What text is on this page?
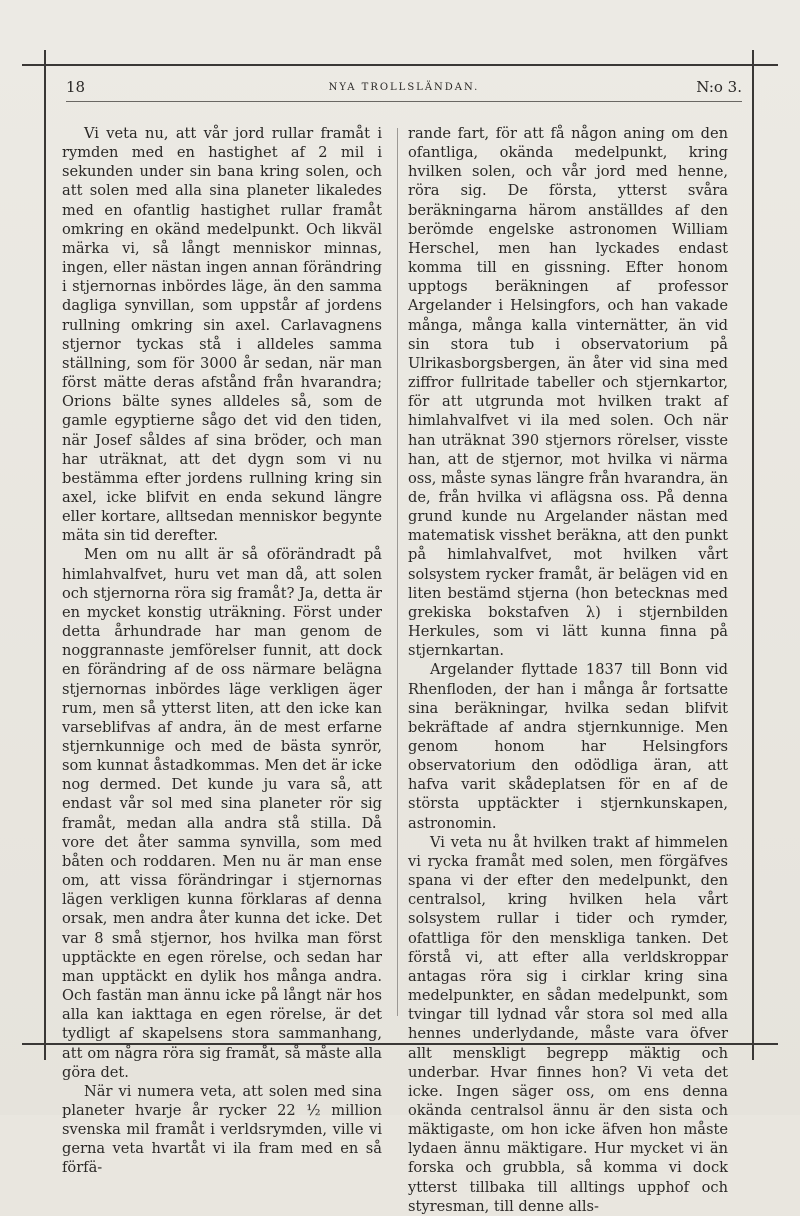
18	NYA TROLLSLÄNDAN.	N:o 3.

Vi veta nu, att vår jord rullar framåt i rymden med en hastighet af 2 mil i sekunden under sin bana kring solen, och att solen med alla sina planeter likaledes med en ofantlig hastighet rullar framåt omkring en okänd medelpunkt. Och likväl märka vi, så långt menniskor minnas, ingen, eller nästan ingen annan förändring i stjernornas inbördes läge, än den samma dagliga synvillan, som uppstår af jordens rullning omkring sin axel. Carlavagnens stjernor tyckas stå i alldeles samma ställning, som för 3000 år sedan, när man först mätte deras afstånd från hvarandra; Orions bälte synes alldeles så, som de gamle egyptierne sågo det vid den tiden, när Josef såldes af sina bröder, och man har uträknat, att det dygn som vi nu bestämma efter jordens rullning kring sin axel, icke blifvit en enda sekund längre eller kortare, alltsedan menniskor begynte mäta sin tid derefter.

Men om nu allt är så oförändradt på himlahvalfvet, huru vet man då, att solen och stjernorna röra sig framåt? Ja, detta är en mycket konstig uträkning. Först under detta århundrade har man genom de noggrannaste jemförelser funnit, att dock en förändring af de oss närmare belägna stjernornas inbördes läge verkligen äger rum, men så ytterst liten, att den icke kan varseblifvas af andra, än de mest erfarne stjernkunnige och med de bästa synrör, som kunnat åstadkommas. Men det är icke nog dermed. Det kunde ju vara så, att endast vår sol med sina planeter rör sig framåt, medan alla andra stå stilla. Då vore det åter samma synvilla, som med båten och roddaren. Men nu är man ense om, att vissa förändringar i stjernornas lägen verkligen kunna förklaras af denna orsak, men andra åter kunna det icke. Det var 8 små stjernor, hos hvilka man först upptäckte en egen rörelse, och sedan har man upptäckt en dylik hos många andra. Och fastän man ännu icke på långt när hos alla kan iakttaga en egen rörelse, är det tydligt af skapelsens stora sammanhang, att om några röra sig framåt, så måste alla göra det.

När vi numera veta, att solen med sina planeter hvarje år rycker 22 ½ million svenska mil framåt i verldsrymden, ville vi gerna veta hvartåt vi ila fram med en så förfä-

rande fart, för att få någon aning om den ofantliga, okända medelpunkt, kring hvilken solen, och vår jord med henne, röra sig. De första, ytterst svåra beräkningarna härom anställdes af den berömde engelske astronomen William Herschel, men han lyckades endast komma till en gissning. Efter honom upptogs beräkningen af professor Argelander i Helsingfors, och han vakade många, många kalla vinternätter, än vid sin stora tub i observatorium på Ulrikasborgsbergen, än åter vid sina med ziffror fullritade tabeller och stjernkartor, för att utgrunda mot hvilken trakt af himlahvalfvet vi ila med solen. Och när han uträknat 390 stjernors rörelser, visste han, att de stjernor, mot hvilka vi närma oss, måste synas längre från hvarandra, än de, från hvilka vi aflägsna oss. På denna grund kunde nu Argelander nästan med matematisk visshet beräkna, att den punkt på himlahvalfvet, mot hvilken vårt solsystem rycker framåt, är belägen vid en liten bestämd stjerna (hon betecknas med grekiska bokstafven λ) i stjernbilden Herkules, som vi lätt kunna finna på stjernkartan.

Argelander flyttade 1837 till Bonn vid Rhenfloden, der han i många år fortsatte sina beräkningar, hvilka sedan blifvit bekräftade af andra stjernkunnige. Men genom honom har Helsingfors observatorium den odödliga äran, att hafva varit skådeplatsen för en af de största upptäckter i stjernkunskapen, astronomin.

Vi veta nu åt hvilken trakt af himmelen vi rycka framåt med solen, men förgäfves spana vi der efter den medelpunkt, den centralsol, kring hvilken hela vårt solsystem rullar i tider och rymder, ofattliga för den menskliga tanken. Det förstå vi, att efter alla verldskroppar antagas röra sig i cirklar kring sina medelpunkter, en sådan medelpunkt, som tvingar till lydnad vår stora sol med alla hennes underlydande, måste vara öfver allt menskligt begrepp mäktig och underbar. Hvar finnes hon? Vi veta det icke. Ingen säger oss, om ens denna okända centralsol ännu är den sista och mäktigaste, om hon icke äfven hon måste lydaen ännu mäktigare. Hur mycket vi än forska och grubbla, så komma vi dock ytterst tillbaka till alltings upphof och styresman, till denne alls-
